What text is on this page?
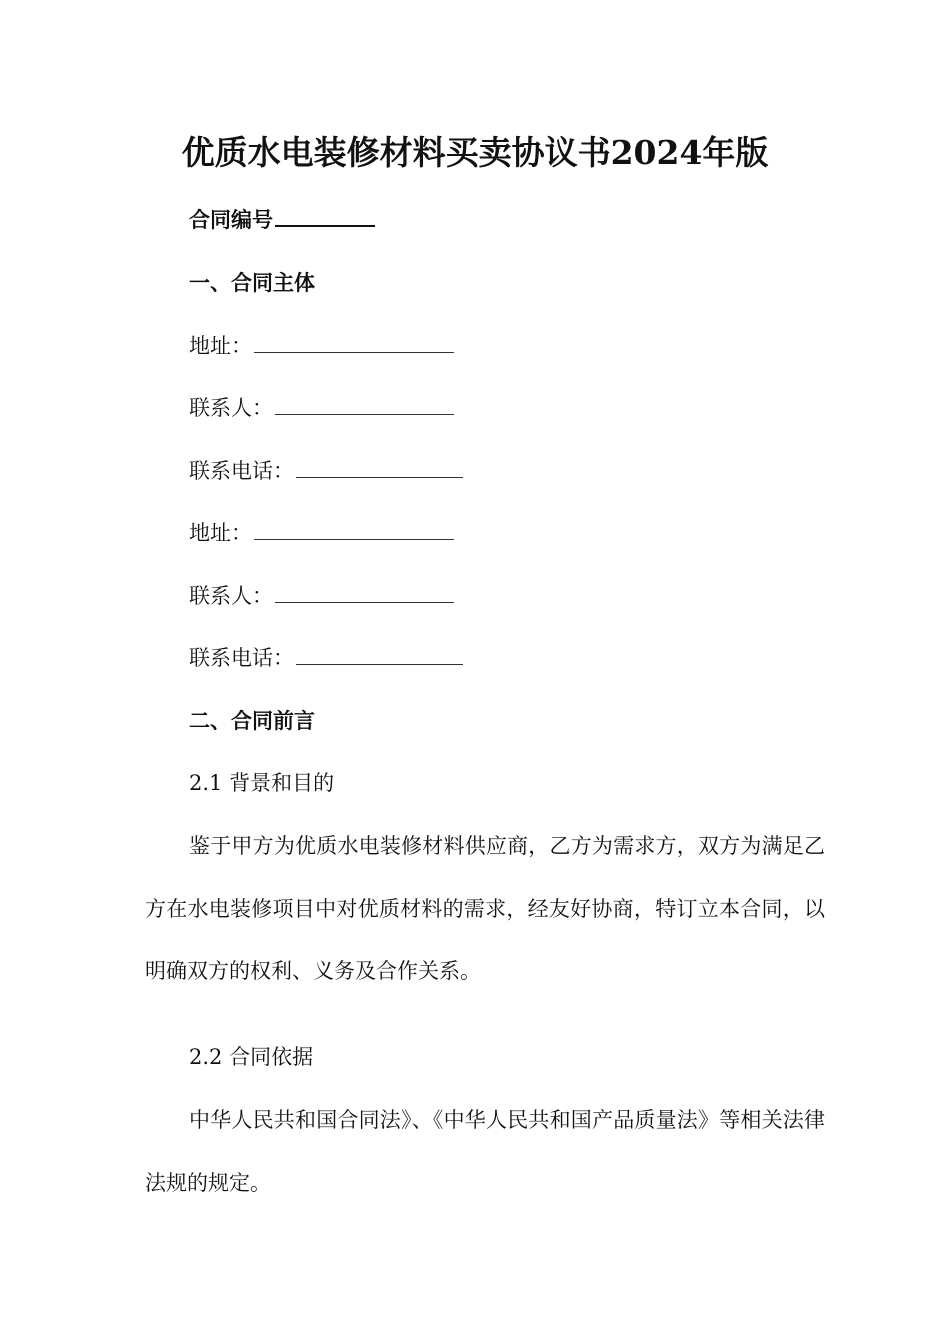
优质水电装修材料买卖协议书2024年版
合同编号
一、合同主体
地址：
联系人：
联系电话：
地址：
联系人：
联系电话：
二、合同前言
2.1 背景和目的
鉴于甲方为优质水电装修材料供应商，乙方为需求方，双方为满足乙方在水电装修项目中对优质材料的需求，经友好协商，特订立本合同，以明确双方的权利、义务及合作关系。
2.2 合同依据
中华人民共和国合同法》、《中华人民共和国产品质量法》等相关法律法规的规定。
